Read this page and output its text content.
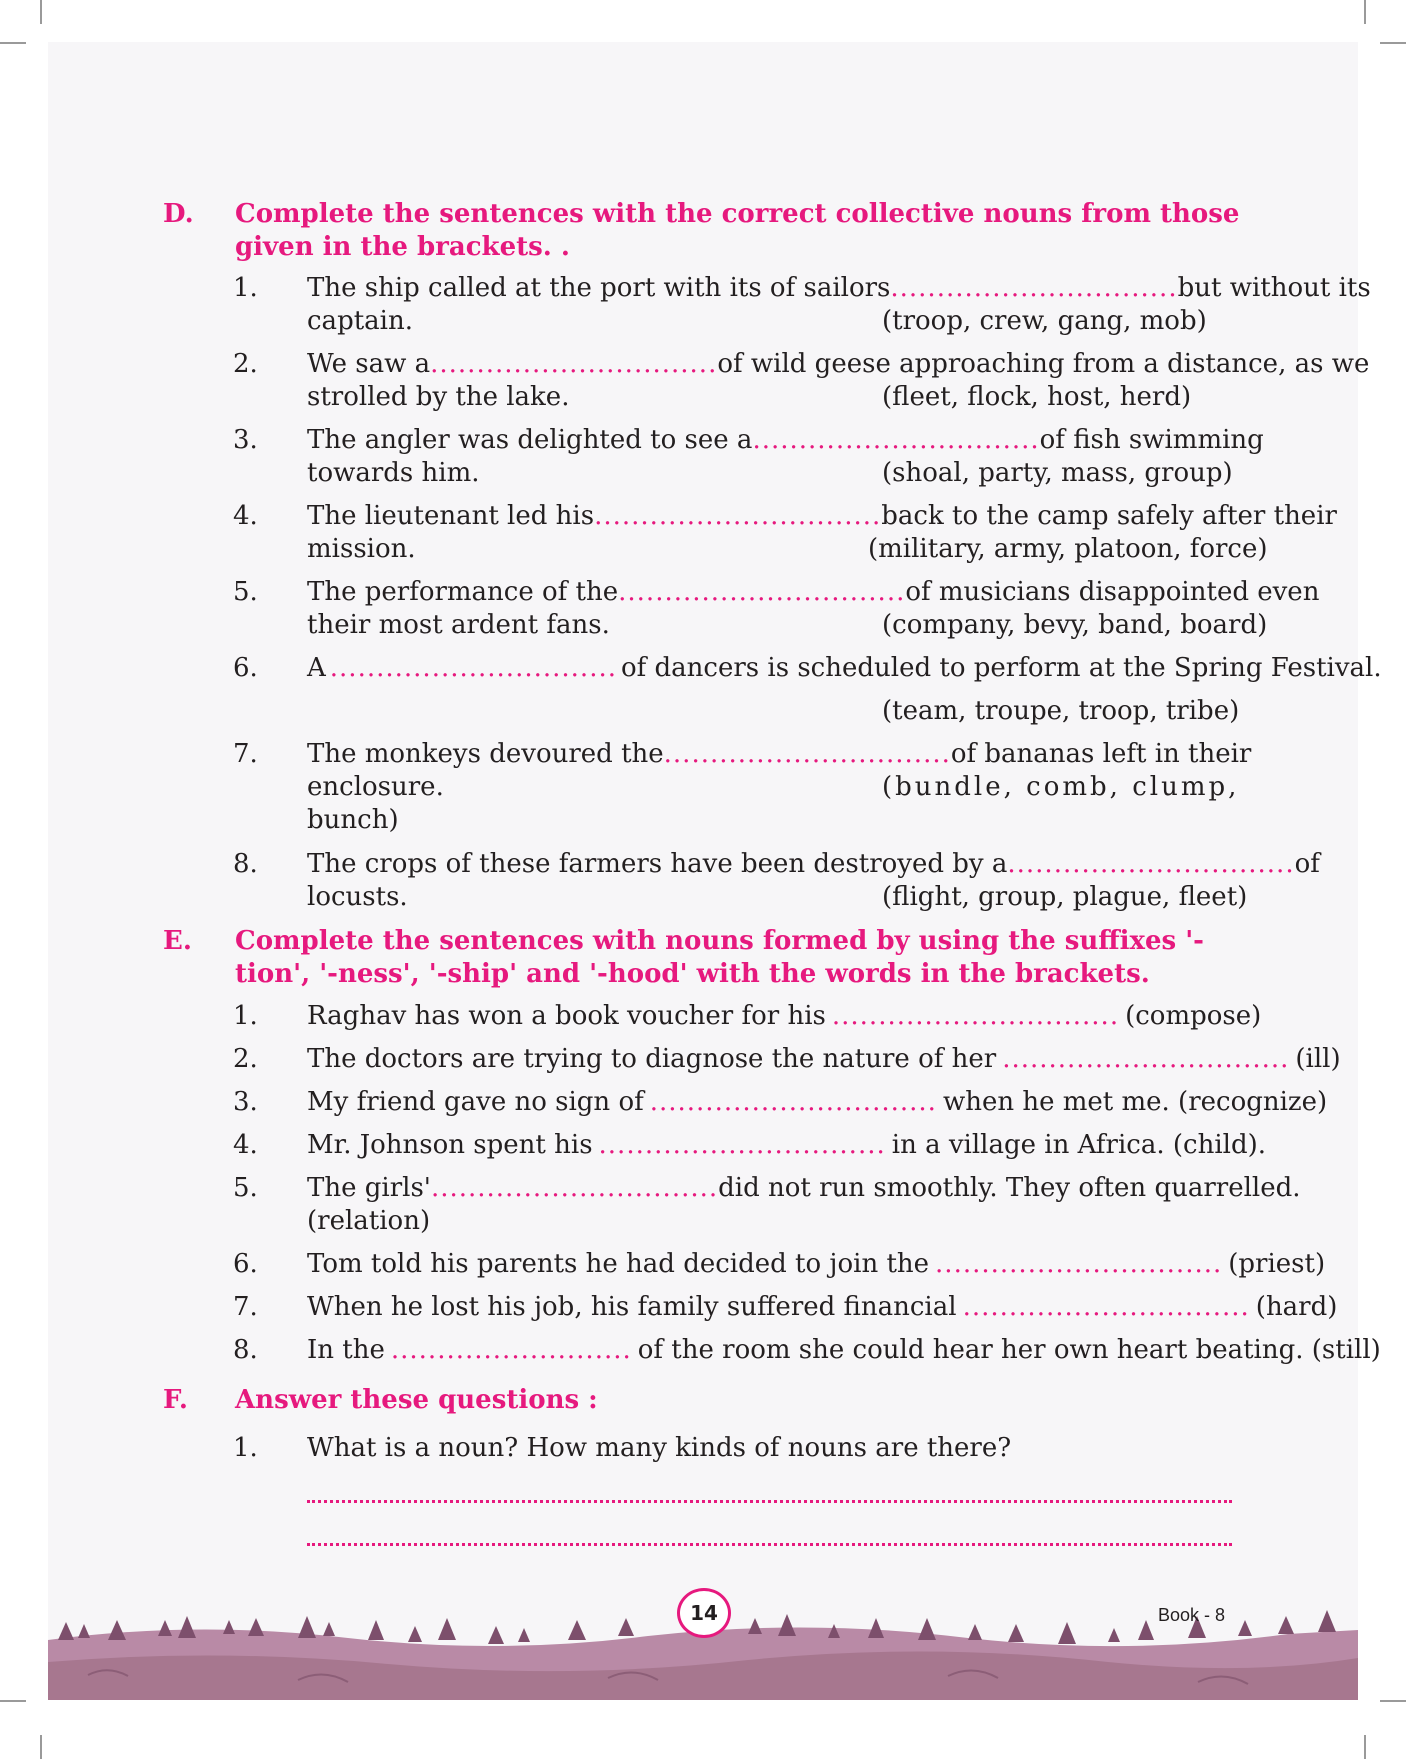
D. Complete the sentences with the correct collective nouns from those given in the brackets. .
1. The ship called at the port with its of sailors ............................... but without its
captain.	(troop, crew, gang, mob)
2. We saw a ............................... of wild geese approaching from a distance, as we
strolled by the lake.	(fleet, flock, host, herd)
3. The angler was delighted to see a ............................... of fish swimming
towards him.	(shoal, party, mass, group)
4. The lieutenant led his ............................... back to the camp safely after their
mission.	(military, army, platoon, force)
5. The performance of the ............................... of musicians disappointed even
their most ardent fans.	(company, bevy, band, board)
6. A ............................... of dancers is scheduled to perform at the Spring Festival.
(team, troupe, troop, tribe)
7. The monkeys devoured the ............................... of bananas left in their
enclosure.
bunch)
(bundle, comb, clump,
8. The crops of these farmers have been destroyed by a ............................... of
locusts.	(flight, group, plague, fleet)
E. Complete the sentences with nouns formed by using the suffixes '-tion', '-ness', '-ship' and '-hood' with the words in the brackets.
1. Raghav has won a book voucher for his ............................... (compose)
2. The doctors are trying to diagnose the nature of her ............................... (ill)
3. My friend gave no sign of ............................... when he met me. (recognize)
4. Mr. Johnson spent his ............................... in a village in Africa. (child).
5. The girls' ............................... did not run smoothly. They often quarrelled.
(relation)
6. Tom told his parents he had decided to join the ............................... (priest)
7. When he lost his job, his family suffered financial ............................... (hard)
8. In the .......................... of the room she could hear her own heart beating. (still)
F. Answer these questions :
1. What is a noun? How many kinds of nouns are there?
14	Book - 8
